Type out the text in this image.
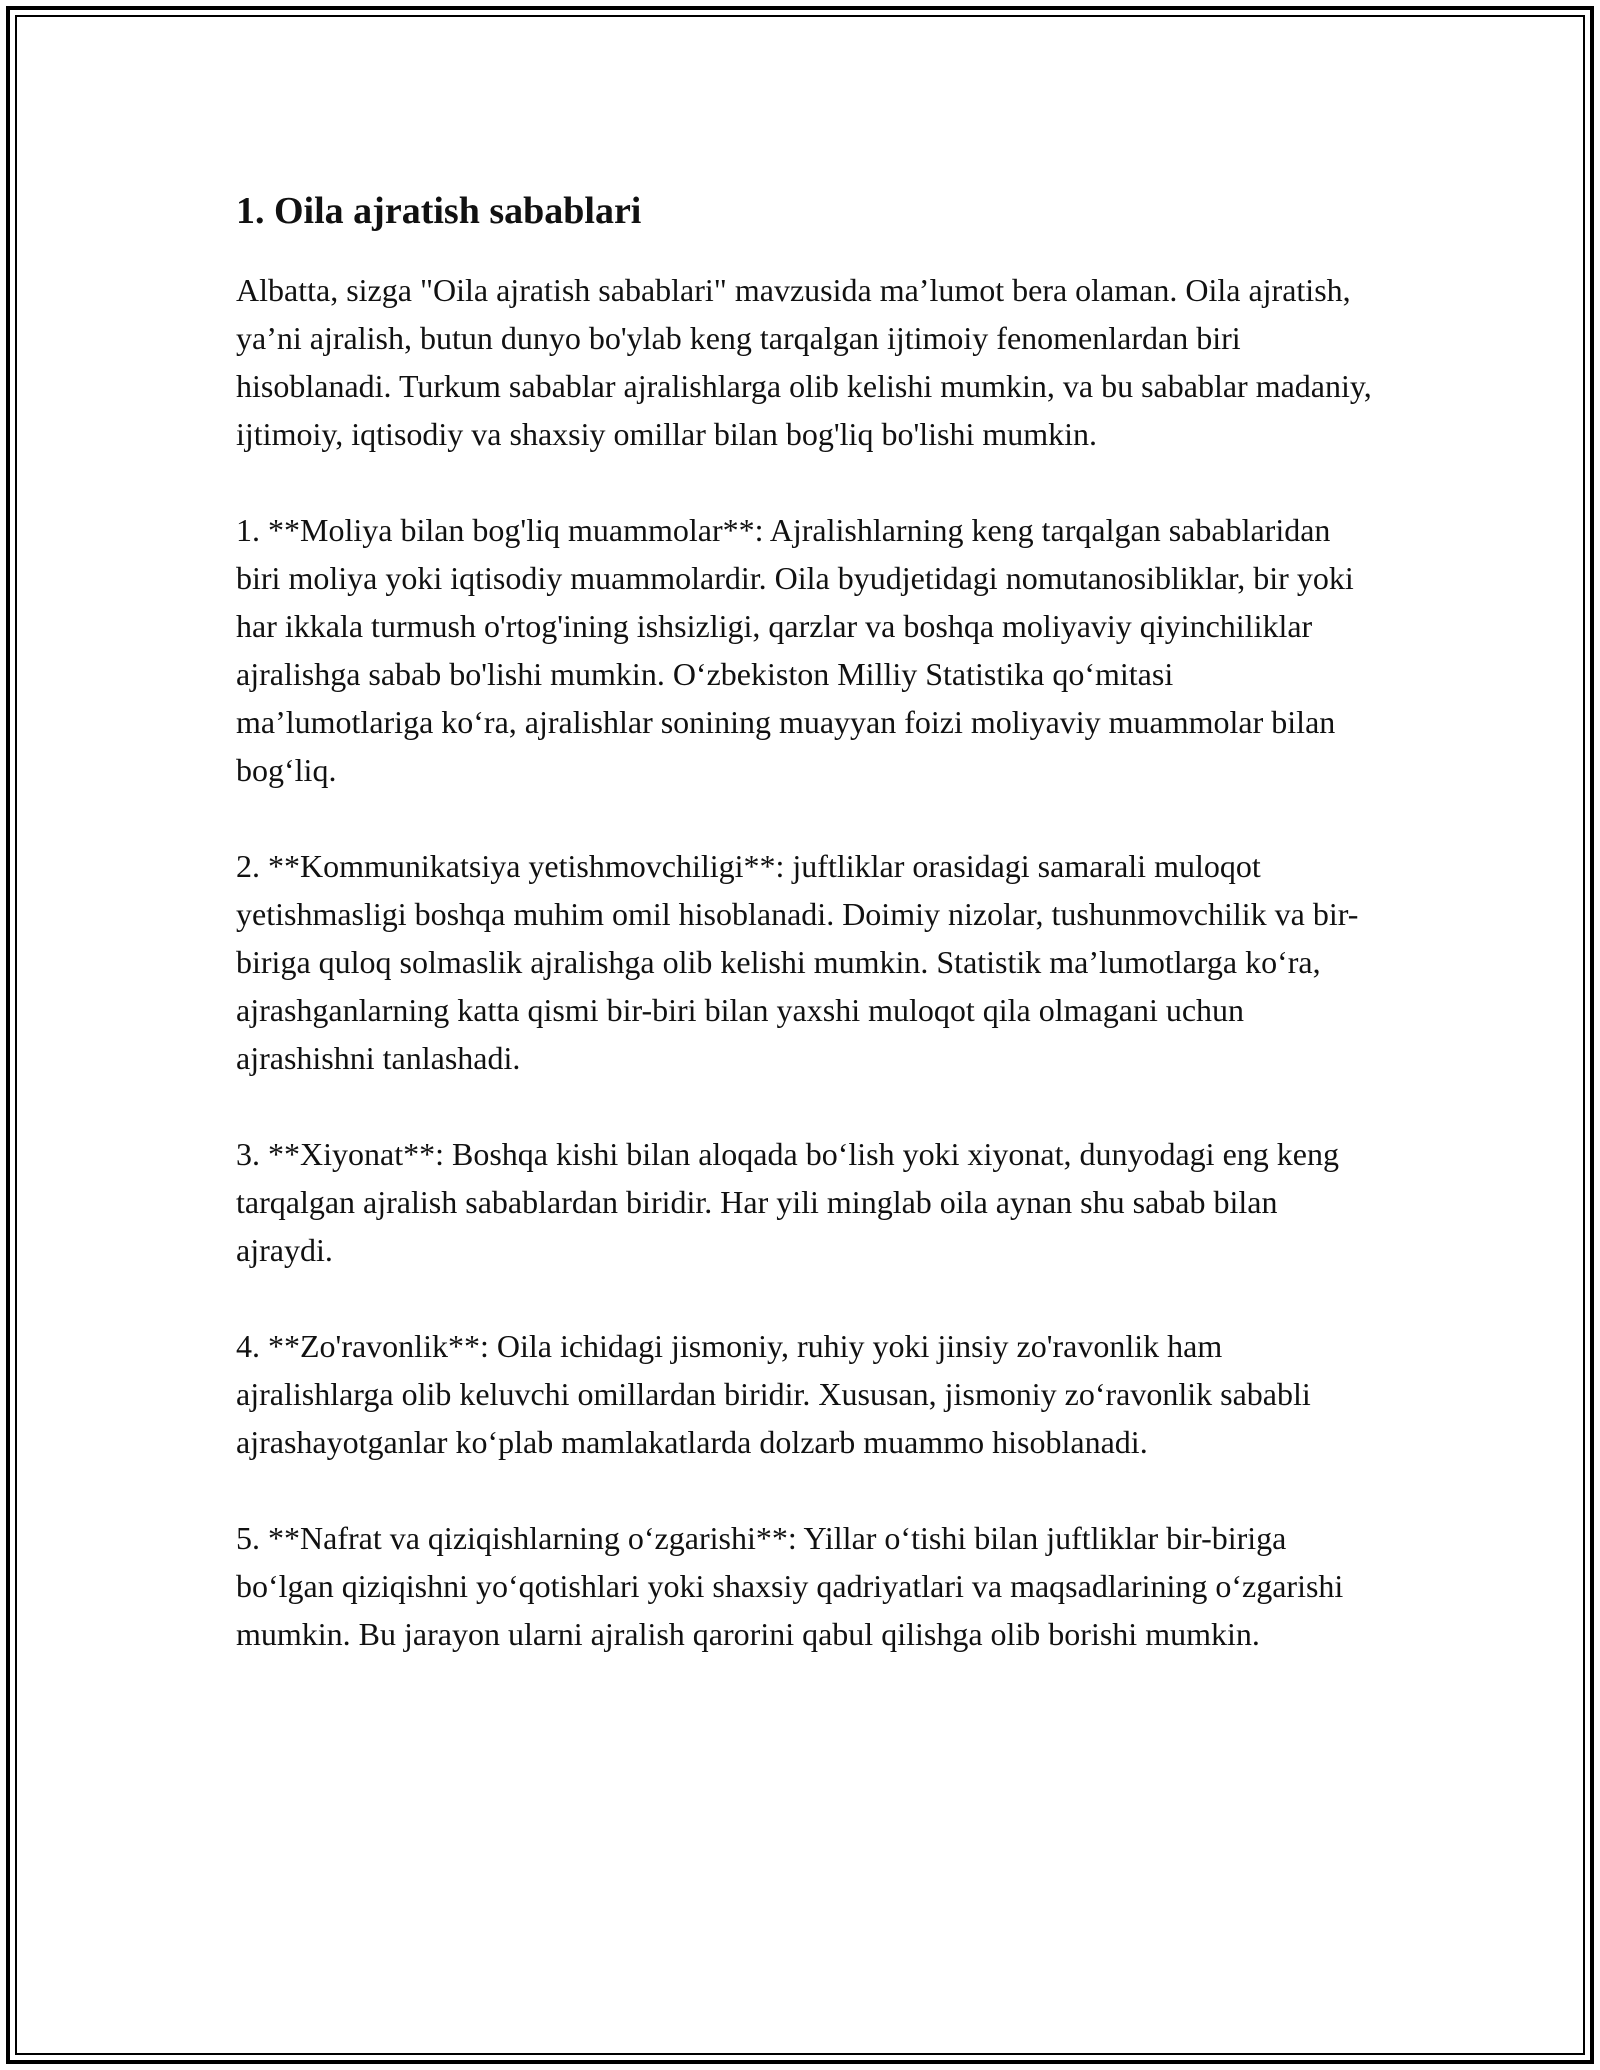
1. Oila ajratish sabablari

Albatta, sizga "Oila ajratish sabablari" mavzusida ma’lumot bera olaman. Oila ajratish, ya’ni ajralish, butun dunyo bo'ylab keng tarqalgan ijtimoiy fenomenlardan biri hisoblanadi. Turkum sabablar ajralishlarga olib kelishi mumkin, va bu sabablar madaniy, ijtimoiy, iqtisodiy va shaxsiy omillar bilan bog'liq bo'lishi mumkin.

1. **Moliya bilan bog'liq muammolar**: Ajralishlarning keng tarqalgan sabablaridan biri moliya yoki iqtisodiy muammolardir. Oila byudjetidagi nomutanosibliklar, bir yoki har ikkala turmush o'rtog'ining ishsizligi, qarzlar va boshqa moliyaviy qiyinchiliklar ajralishga sabab bo'lishi mumkin. O‘zbekiston Milliy Statistika qo‘mitasi ma’lumotlariga ko‘ra, ajralishlar sonining muayyan foizi moliyaviy muammolar bilan bog‘liq.

2. **Kommunikatsiya yetishmovchiligi**: juftliklar orasidagi samarali muloqot yetishmasligi boshqa muhim omil hisoblanadi. Doimiy nizolar, tushunmovchilik va bir-biriga quloq solmaslik ajralishga olib kelishi mumkin. Statistik ma’lumotlarga ko‘ra, ajrashganlarning katta qismi bir-biri bilan yaxshi muloqot qila olmagani uchun ajrashishni tanlashadi.

3. **Xiyonat**: Boshqa kishi bilan aloqada bo‘lish yoki xiyonat, dunyodagi eng keng tarqalgan ajralish sabablardan biridir. Har yili minglab oila aynan shu sabab bilan ajraydi.

4. **Zo'ravonlik**: Oila ichidagi jismoniy, ruhiy yoki jinsiy zo'ravonlik ham ajralishlarga olib keluvchi omillardan biridir. Xususan, jismoniy zo‘ravonlik sababli ajrashayotganlar ko‘plab mamlakatlarda dolzarb muammo hisoblanadi.

5. **Nafrat va qiziqishlarning o‘zgarishi**: Yillar o‘tishi bilan juftliklar bir-biriga bo‘lgan qiziqishni yo‘qotishlari yoki shaxsiy qadriyatlari va maqsadlarining o‘zgarishi mumkin. Bu jarayon ularni ajralish qarorini qabul qilishga olib borishi mumkin.
